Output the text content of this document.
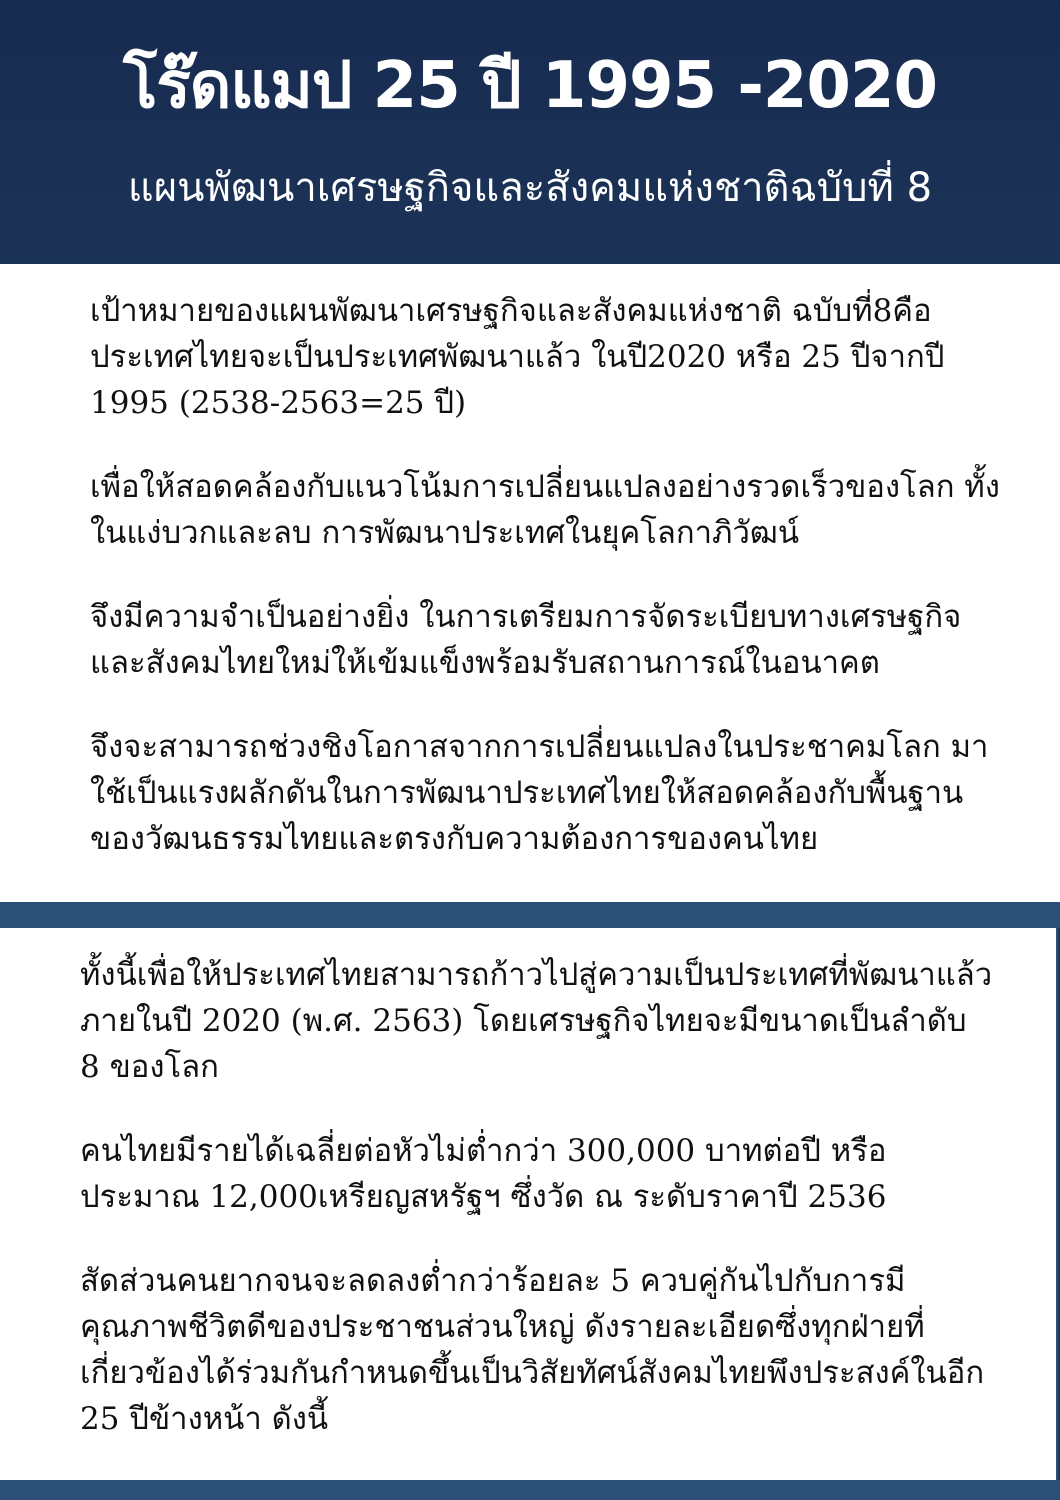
โร๊ดแมป 25 ปี 1995 -2020
แผนพัฒนาเศรษฐกิจและสังคมแห่งชาติฉบับที่ 8

เป้าหมายของแผนพัฒนาเศรษฐกิจและสังคมแห่งชาติ ฉบับที่8คือประเทศไทยจะเป็นประเทศพัฒนาแล้ว ในปี2020 หรือ 25 ปีจากปี 1995 (2538-2563=25 ปี)

เพื่อให้สอดคล้องกับแนวโน้มการเปลี่ยนแปลงอย่างรวดเร็วของโลก ทั้งในแง่บวกและลบ การพัฒนาประเทศในยุคโลกาภิวัฒน์

จึงมีความจำเป็นอย่างยิ่ง ในการเตรียมการจัดระเบียบทางเศรษฐกิจและสังคมไทยใหม่ให้เข้มแข็งพร้อมรับสถานการณ์ในอนาคต

จึงจะสามารถช่วงชิงโอกาสจากการเปลี่ยนแปลงในประชาคมโลก มาใช้เป็นแรงผลักดันในการพัฒนาประเทศไทยให้สอดคล้องกับพื้นฐานของวัฒนธรรมไทยและตรงกับความต้องการของคนไทย

ทั้งนี้เพื่อให้ประเทศไทยสามารถก้าวไปสู่ความเป็นประเทศที่พัฒนาแล้วภายในปี 2020 (พ.ศ. 2563) โดยเศรษฐกิจไทยจะมีขนาดเป็นลำดับ 8 ของโลก

คนไทยมีรายได้เฉลี่ยต่อหัวไม่ต่ำกว่า 300,000 บาทต่อปี หรือประมาณ 12,000เหรียญสหรัฐฯ ซึ่งวัด ณ ระดับราคาปี 2536

สัดส่วนคนยากจนจะลดลงต่ำกว่าร้อยละ 5 ควบคู่กันไปกับการมีคุณภาพชีวิตดีของประชาชนส่วนใหญ่ ดังรายละเอียดซึ่งทุกฝ่ายที่เกี่ยวข้องได้ร่วมกันกำหนดขึ้นเป็นวิสัยทัศน์สังคมไทยพึงประสงค์ในอีก 25 ปีข้างหน้า ดังนี้
